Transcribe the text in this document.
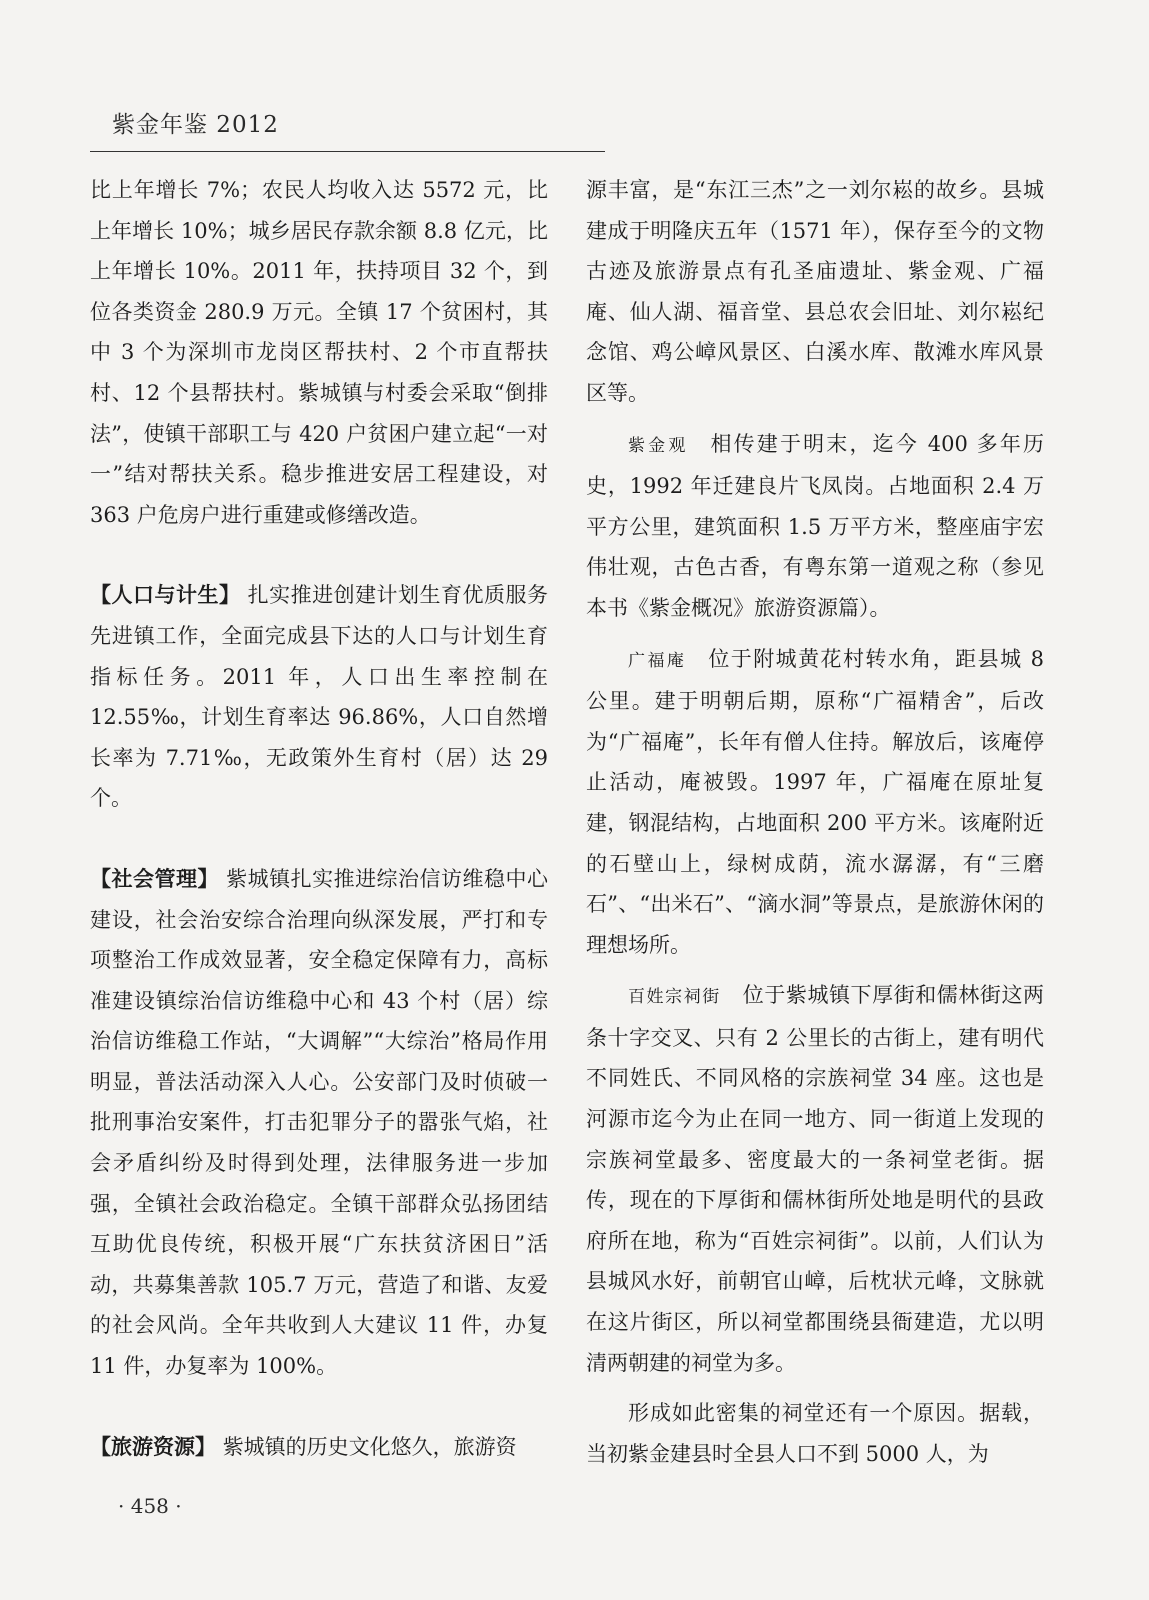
紫金年鉴 2012

比上年增长 7%；农民人均收入达 5572 元，比上年增长 10%；城乡居民存款余额 8.8 亿元，比上年增长 10%。2011 年，扶持项目 32 个，到位各类资金 280.9 万元。全镇 17 个贫困村，其中 3 个为深圳市龙岗区帮扶村、2 个市直帮扶村、12 个县帮扶村。紫城镇与村委会采取“倒排法”，使镇干部职工与 420 户贫困户建立起“一对一”结对帮扶关系。稳步推进安居工程建设，对 363 户危房户进行重建或修缮改造。

【人口与计生】 扎实推进创建计划生育优质服务先进镇工作，全面完成县下达的人口与计划生育指标任务。2011 年，人口出生率控制在 12.55‰，计划生育率达 96.86%，人口自然增长率为 7.71‰，无政策外生育村（居）达 29 个。

【社会管理】 紫城镇扎实推进综治信访维稳中心建设，社会治安综合治理向纵深发展，严打和专项整治工作成效显著，安全稳定保障有力，高标准建设镇综治信访维稳中心和 43 个村（居）综治信访维稳工作站，“大调解”“大综治”格局作用明显，普法活动深入人心。公安部门及时侦破一批刑事治安案件，打击犯罪分子的嚣张气焰，社会矛盾纠纷及时得到处理，法律服务进一步加强，全镇社会政治稳定。全镇干部群众弘扬团结互助优良传统，积极开展“广东扶贫济困日”活动，共募集善款 105.7 万元，营造了和谐、友爱的社会风尚。全年共收到人大建议 11 件，办复 11 件，办复率为 100%。

【旅游资源】 紫城镇的历史文化悠久，旅游资

源丰富，是“东江三杰”之一刘尔崧的故乡。县城建成于明隆庆五年（1571 年），保存至今的文物古迹及旅游景点有孔圣庙遗址、紫金观、广福庵、仙人湖、福音堂、县总农会旧址、刘尔崧纪念馆、鸡公嶂风景区、白溪水库、散滩水库风景区等。

紫金观 相传建于明末，迄今 400 多年历史，1992 年迁建良片飞凤岗。占地面积 2.4 万平方公里，建筑面积 1.5 万平方米，整座庙宇宏伟壮观，古色古香，有粤东第一道观之称（参见本书《紫金概况》旅游资源篇）。

广福庵 位于附城黄花村转水角，距县城 8 公里。建于明朝后期，原称“广福精舍”，后改为“广福庵”，长年有僧人住持。解放后，该庵停止活动，庵被毁。1997 年，广福庵在原址复建，钢混结构，占地面积 200 平方米。该庵附近的石壁山上，绿树成荫，流水潺潺，有“三磨石”、“出米石”、“滴水洞”等景点，是旅游休闲的理想场所。

百姓宗祠街 位于紫城镇下厚街和儒林街这两条十字交叉、只有 2 公里长的古街上，建有明代不同姓氏、不同风格的宗族祠堂 34 座。这也是河源市迄今为止在同一地方、同一街道上发现的宗族祠堂最多、密度最大的一条祠堂老街。据传，现在的下厚街和儒林街所处地是明代的县政府所在地，称为“百姓宗祠街”。以前，人们认为县城风水好，前朝官山嶂，后枕状元峰，文脉就在这片街区，所以祠堂都围绕县衙建造，尤以明清两朝建的祠堂为多。

形成如此密集的祠堂还有一个原因。据载，当初紫金建县时全县人口不到 5000 人，为

· 458 ·
